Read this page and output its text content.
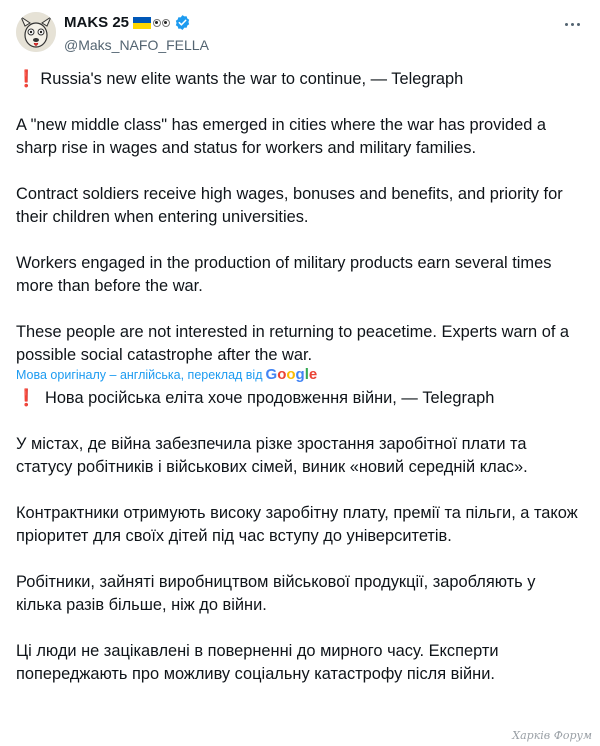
MAKS 25
@Maks_NAFO_FELLA

❗ Russia's new elite wants the war to continue, — Telegraph

A "new middle class" has emerged in cities where the war has provided a sharp rise in wages and status for workers and military families.

Contract soldiers receive high wages, bonuses and benefits, and priority for their children when entering universities.

Workers engaged in the production of military products earn several times more than before the war.

These people are not interested in returning to peacetime. Experts warn of a possible social catastrophe after the war.

Мова оригіналу – англійська, переклад від Google

❗ Нова російська еліта хоче продовження війни, — Telegraph

У містах, де війна забезпечила різке зростання заробітної плати та статусу робітників і військових сімей, виник «новий середній клас».

Контрактники отримують високу заробітну плату, премії та пільги, а також пріоритет для своїх дітей під час вступу до університетів.

Робітники, зайняті виробництвом військової продукції, заробляють у кілька разів більше, ніж до війни.

Ці люди не зацікавлені в поверненні до мирного часу. Експерти попереджають про можливу соціальну катастрофу після війни.

Харків Форум
